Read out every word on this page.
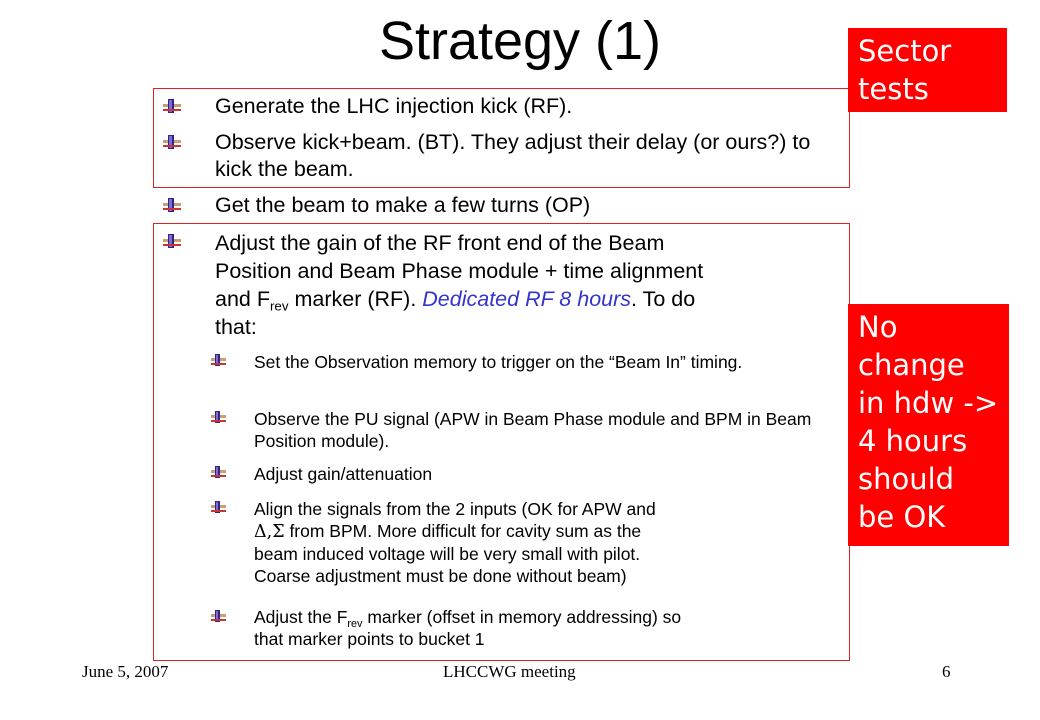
Strategy (1)	Sector tests
No change in hdw -> 4 hours should be OK
Generate the LHC injection kick (RF).
Observe kick+beam. (BT). They adjust their delay (or ours?) to kick the beam.
Get the beam to make a few turns (OP)
Adjust the gain of the RF front end of the Beam
Position and Beam Phase module + time alignment
and $F_{rev}$ marker (RF). Dedicated RF 8 hours. To do
that:
Set the Observation memory to trigger on the “Beam In” timing.
Observe the PU signal (APW in Beam Phase module and BPM in Beam Position module).
Adjust gain/attenuation
Align the signals from the 2 inputs (OK for APW and
Δ,Σ from BPM. More difficult for cavity sum as the
beam induced voltage will be very small with pilot.
Coarse adjustment must be done without beam)
Adjust the $F_{rev}$ marker (offset in memory addressing) so
that marker points to bucket 1
June 5, 2007	LHCCWG meeting	6
